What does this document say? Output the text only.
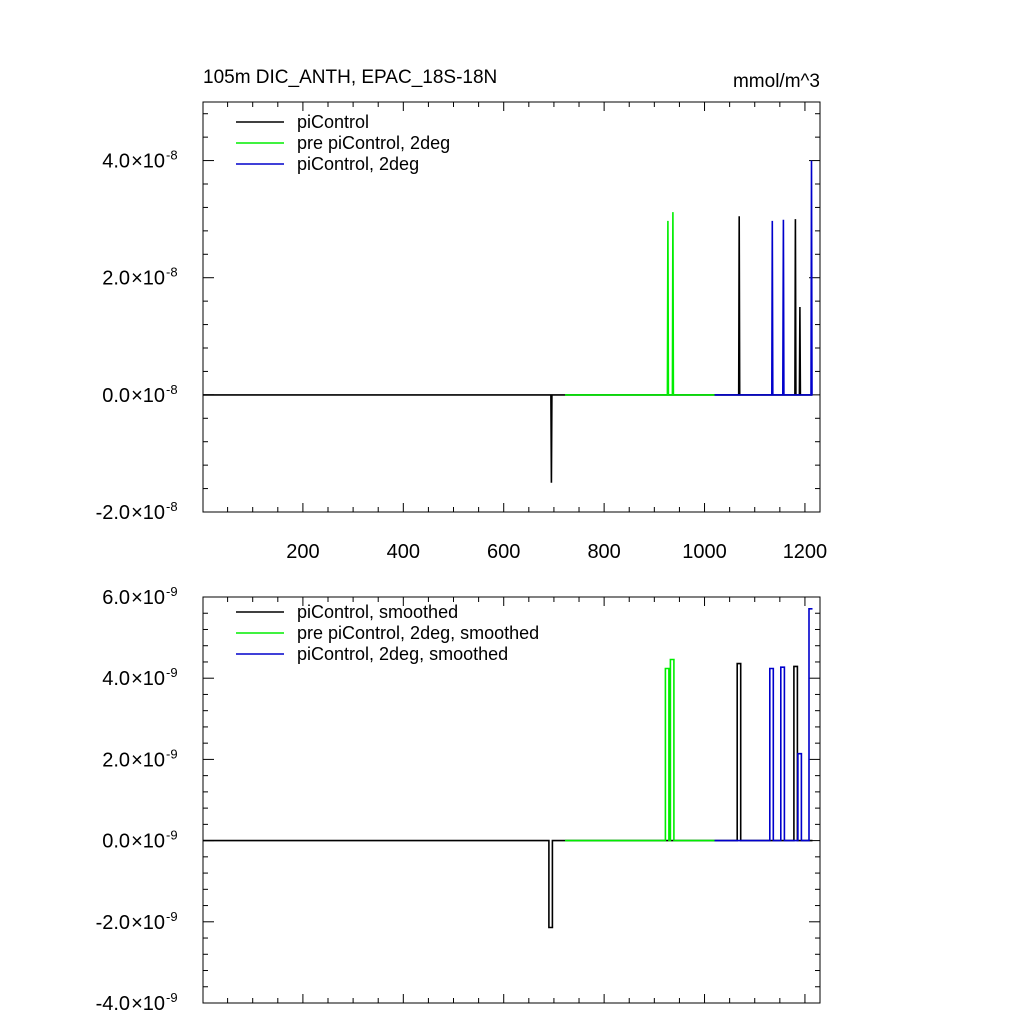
105m DIC_ANTH, EPAC_18S-18N	mmol/m^3
200	400	600	800	1000	1200
-2.0×10 -8
0.0×10 -8
2.0×10 -8
4.0×10 -8
piControl
pre piControl, 2deg
piControl, 2deg
-4.0×10 -9
-2.0×10 -9
0.0×10 -9
2.0×10 -9
4.0×10 -9
6.0×10 -9
piControl, smoothed
pre piControl, 2deg, smoothed
piControl, 2deg, smoothed
